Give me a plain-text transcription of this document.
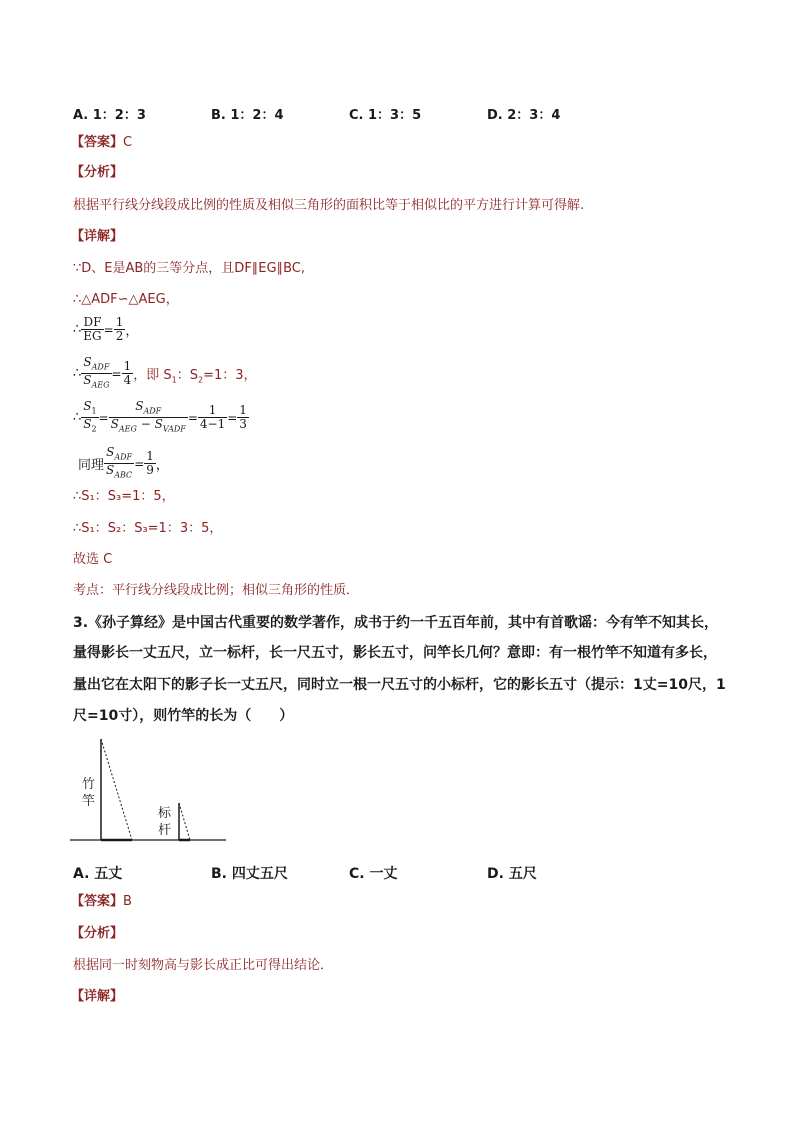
A. 1：2：3	B. 1：2：4	C. 1：3：5	D. 2：3：4
【答案】C
【分析】
根据平行线分线段成比例的性质及相似三角形的面积比等于相似比的平方进行计算可得解.
【详解】
∵D、E是AB的三等分点，且DF∥EG∥BC,
∴△ADF∽△AEG，
∴ $\frac{DF}{EG} = \frac{1}{2}$ ，
∴ $\frac{S_{ADF}}{S_{AEG}} = \frac{1}{4}$ ，即 $S_1$：$S_2=1$：3，
∴ $\frac{S_1}{S_2} = \frac{S_{ADF}}{S_{AEG} - S_{VADF}} = \frac{1}{4-1} = \frac{1}{3}$
同理 $\frac{S_{ADF}}{S_{ABC}} = \frac{1}{9}$ ，
∴S₁：S₃=1：5，
∴S₁：S₂：S₃=1：3：5，
故选 C
考点：平行线分线段成比例；相似三角形的性质．
3.《孙子算经》是中国古代重要的数学著作，成书于约一千五百年前，其中有首歌谣：今有竿不知其长，
量得影长一丈五尺，立一标杆，长一尺五寸，影长五寸，问竿长几何？意即：有一根竹竿不知道有多长，
量出它在太阳下的影子长一丈五尺，同时立一根一尺五寸的小标杆，它的影长五寸（提示：1丈=10尺，1
尺=10寸），则竹竿的长为（　　）
竹
竿
标
杆
A. 五丈	B. 四丈五尺	C. 一丈	D. 五尺
【答案】B
【分析】
根据同一时刻物高与影长成正比可得出结论．
【详解】
